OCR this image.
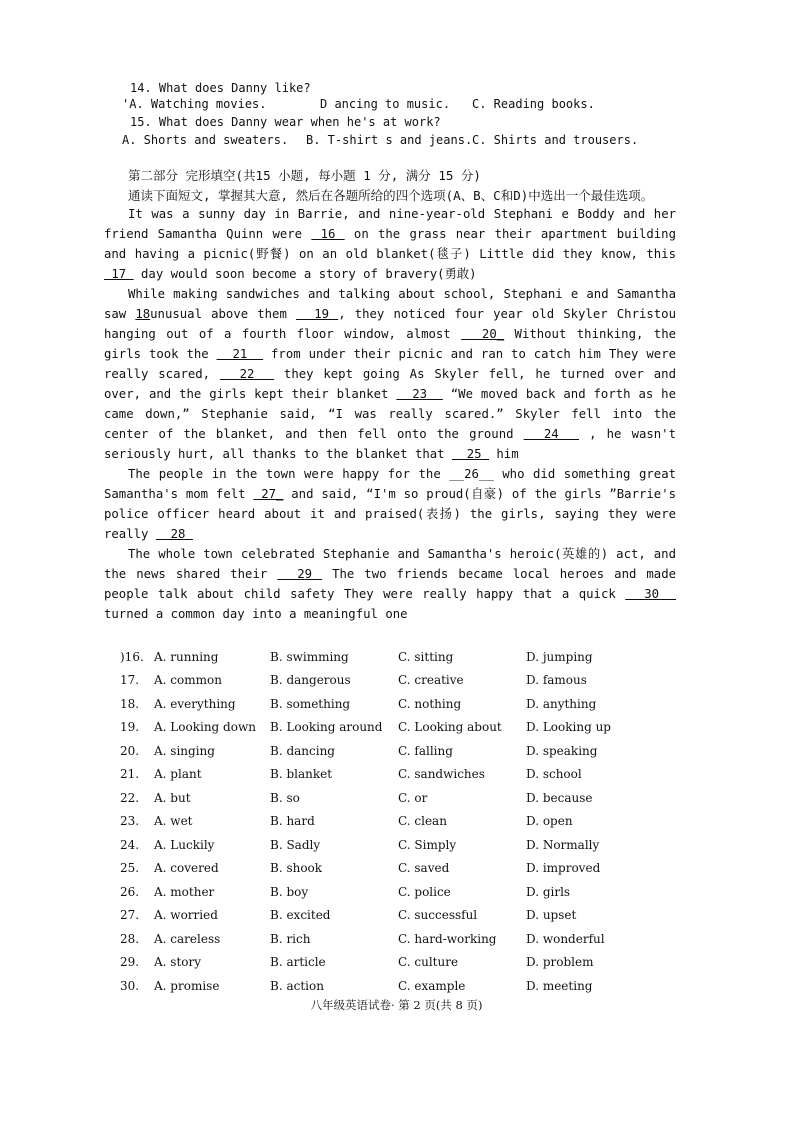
14. What does Danny like?
'A. Watching movies.	D ancing to music. C. Reading books.
15. What does Danny wear when he's at work?
A. Shorts and sweaters. B. T-shirt s and jeans. C. Shirts and trousers.
第二部分 完形填空(共15 小题, 每小题 1 分, 满分 15 分)
通读下面短文, 掌握其大意, 然后在各题所给的四个选项(A、B、C和D)中选出一个最佳选项。

It was a sunny day in Barrie, and nine-year-old Stephani e Boddy and her friend Samantha Quinn were  16  on the grass near their apartment building and having a picnic(野餐) on an old blanket(毯子) Little did they know, this  17  day would soon become a story of bravery(勇敢)

While making sandwiches and talking about school, Stephani e and Samantha saw 18unusual above them   19 , they noticed four year old Skyler Christou hanging out of a fourth floor window, almost   20_ Without thinking, the girls took the   21   from under their picnic and ran to catch him They were really scared,   22   they kept going As Skyler fell, he turned over and over, and the girls kept their blanket   23   “We moved back and forth as he came down,” Stephanie said, “I was really scared.” Skyler fell into the center of the blanket, and then fell onto the ground   24   , he wasn't seriously hurt, all thanks to the blanket that   25  him

The people in the town were happy for the __26__ who did something great Samantha's mom felt  27_ and said, “I'm so proud(自豪) of the girls ”Barrie's police officer heard about it and praised(表扬) the girls, saying they were really   28

The whole town celebrated Stephanie and Samantha's heroic(英雄的) act, and the news shared their   29  The two friends became local heroes and made people talk about child safety They were really happy that a quick   30   turned a common day into a meaningful one

)16. A. running	B. swimming	C. sitting	D. jumping
17.	A. common	B. dangerous	C. creative	D. famous
18.	A. everything	B. something	C. nothing	D. anything
19.	A. Looking down	B. Looking around	C. Looking about	D. Looking up
20.	A. singing	B. dancing	C. falling	D. speaking
21.	A. plant	B. blanket	C. sandwiches	D. school
22.	A. but	B. so	C. or	D. because
23.	A. wet	B. hard	C. clean	D. open
24.	A. Luckily	B. Sadly	C. Simply	D. Normally
25.	A. covered	B. shook	C. saved	D. improved
26.	A. mother	B. boy	C. police	D. girls
27.	A. worried	B. excited	C. successful	D. upset
28.	A. careless	B. rich	C. hard-working	D. wonderful
29.	A. story	B. article	C. culture	D. problem
30.	A. promise	B. action	C. example	D. meeting
八年级英语试卷· 第 2 页(共 8 页)
